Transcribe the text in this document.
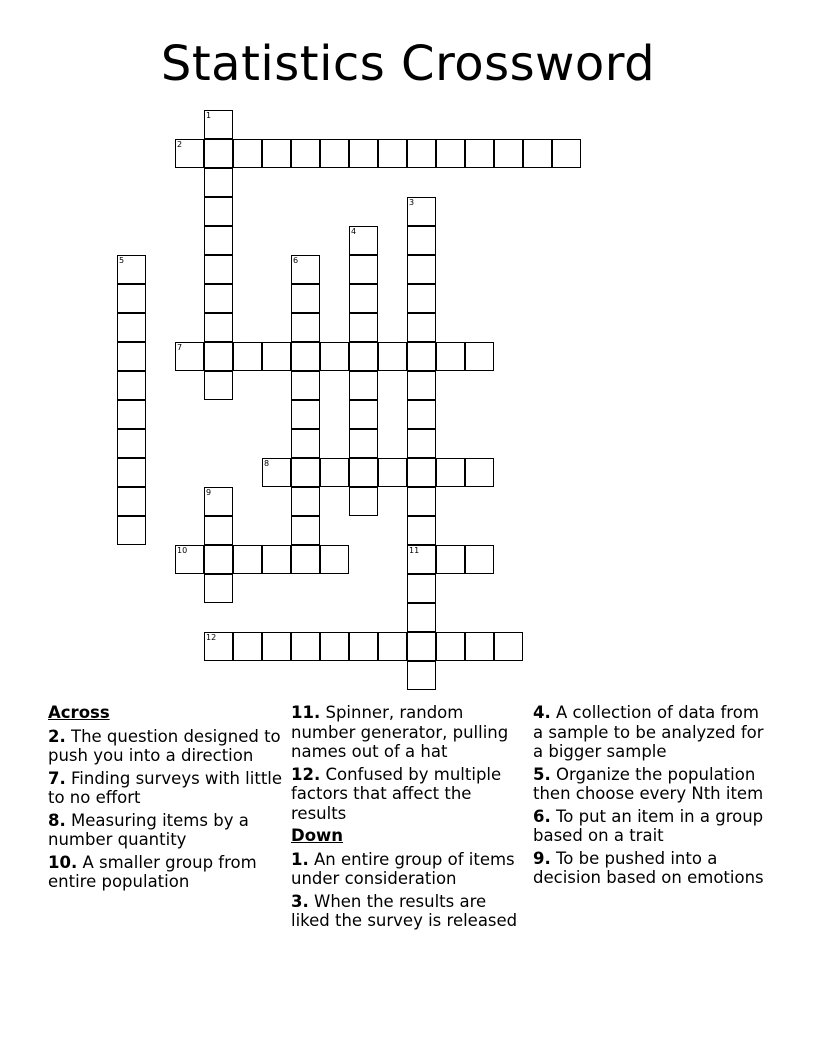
Statistics Crossword
1
2
3
11
4
5	6
7
8
9
10
12
Across
2. The question designed to push you into a direction
7. Finding surveys with little to no effort
8. Measuring items by a number quantity
10. A smaller group from entire population
11. Spinner, random number generator, pulling names out of a hat
12. Confused by multiple factors that affect the results
Down
1. An entire group of items under consideration
3. When the results are liked the survey is released
4. A collection of data from a sample to be analyzed for a bigger sample
5. Organize the population then choose every Nth item
6. To put an item in a group based on a trait
9. To be pushed into a decision based on emotions
